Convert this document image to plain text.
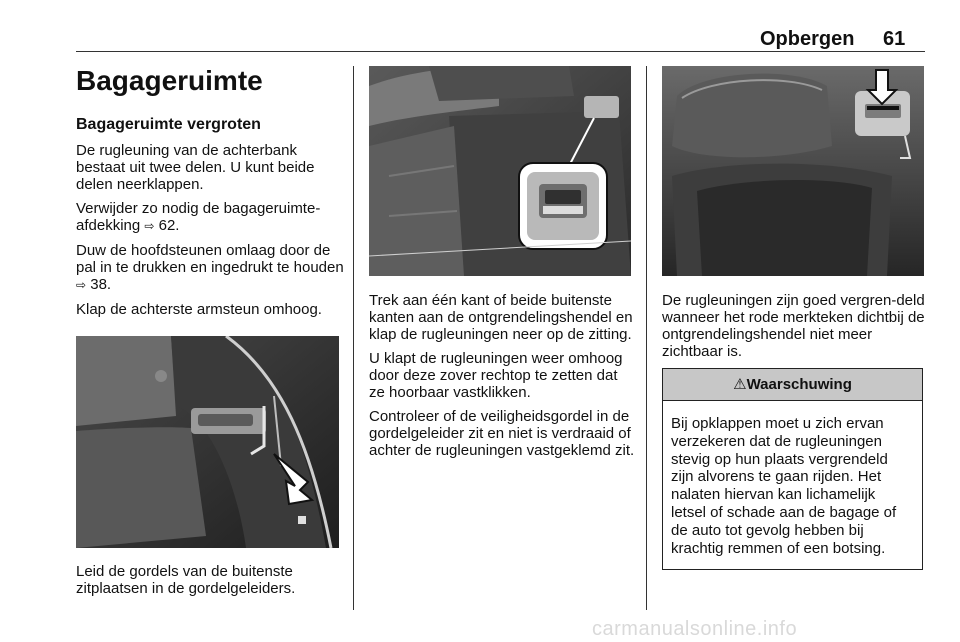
Opbergen 61
Bagageruimte
Bagageruimte vergroten

De rugleuning van de achterbank bestaat uit twee delen. U kunt beide delen neerklappen.

Verwijder zo nodig de bagageruimte-afdekking ⇨ 62.

Duw de hoofdsteunen omlaag door de pal in te drukken en ingedrukt te houden ⇨ 38.

Klap de achterste armsteun omhoog.

Leid de gordels van de buitenste zitplaatsen in de gordelgeleiders.

Trek aan één kant of beide buitenste kanten aan de ontgrendelingshendel en klap de rugleuningen neer op de zitting.

U klapt de rugleuningen weer omhoog door deze zover rechtop te zetten dat ze hoorbaar vastklikken.

Controleer of de veiligheidsgordel in de gordelgeleider zit en niet is verdraaid of achter de rugleuningen vastgeklemd zit.

De rugleuningen zijn goed vergren-deld wanneer het rode merkteken dichtbij de ontgrendelingshendel niet meer zichtbaar is.

⚠Waarschuwing
Bij opklappen moet u zich ervan verzekeren dat de rugleuningen stevig op hun plaats vergrendeld zijn alvorens te gaan rijden. Het nalaten hiervan kan lichamelijk letsel of schade aan de bagage of de auto tot gevolg hebben bij krachtig remmen of een botsing.
carmanualsonline.info
